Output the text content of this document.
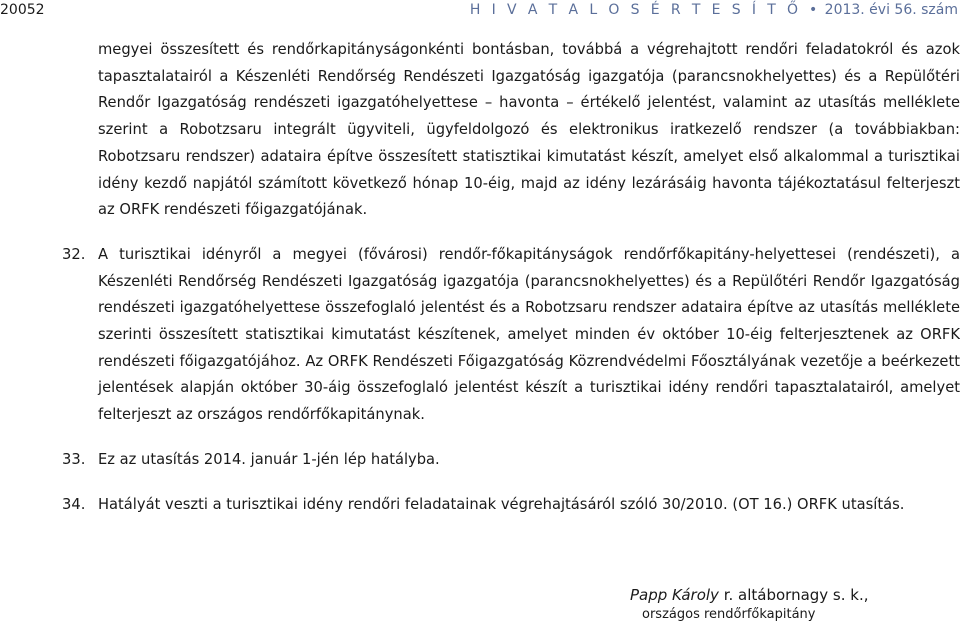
20052	H I V A T A L O S É R T E S Í T Ő • 2013. évi 56. szám

megyei összesített és rendőrkapitányságonkénti bontásban, továbbá a végrehajtott rendőri feladatokról és azok tapasztalatairól a Készenléti Rendőrség Rendészeti Igazgatóság igazgatója (parancsnokhelyettes) és a Repülőtéri Rendőr Igazgatóság rendészeti igazgatóhelyettese – havonta – értékelő jelentést, valamint az utasítás melléklete szerint a Robotzsaru integrált ügyviteli, ügyfeldolgozó és elektronikus iratkezelő rendszer (a továbbiakban: Robotzsaru rendszer) adataira építve összesített statisztikai kimutatást készít, amelyet első alkalommal a turisztikai idény kezdő napjától számított következő hónap 10-éig, majd az idény lezárásáig havonta tájékoztatásul felterjeszt az ORFK rendészeti főigazgatójának.

32. A turisztikai idényről a megyei (fővárosi) rendőr-főkapitányságok rendőrfőkapitány-helyettesei (rendészeti), a Készenléti Rendőrség Rendészeti Igazgatóság igazgatója (parancsnokhelyettes) és a Repülőtéri Rendőr Igazgatóság rendészeti igazgatóhelyettese összefoglaló jelentést és a Robotzsaru rendszer adataira építve az utasítás melléklete szerinti összesített statisztikai kimutatást készítenek, amelyet minden év október 10-éig felterjesztenek az ORFK rendészeti főigazgatójához. Az ORFK Rendészeti Főigazgatóság Közrendvédelmi Főosztályának vezetője a beérkezett jelentések alapján október 30-áig összefoglaló jelentést készít a turisztikai idény rendőri tapasztalatairól, amelyet felterjeszt az országos rendőrfőkapitánynak.

33. Ez az utasítás 2014. január 1-jén lép hatályba.

34. Hatályát veszti a turisztikai idény rendőri feladatainak végrehajtásáról szóló 30/2010. (OT 16.) ORFK utasítás.

Papp Károly r. altábornagy s. k.,
országos rendőrfőkapitány
